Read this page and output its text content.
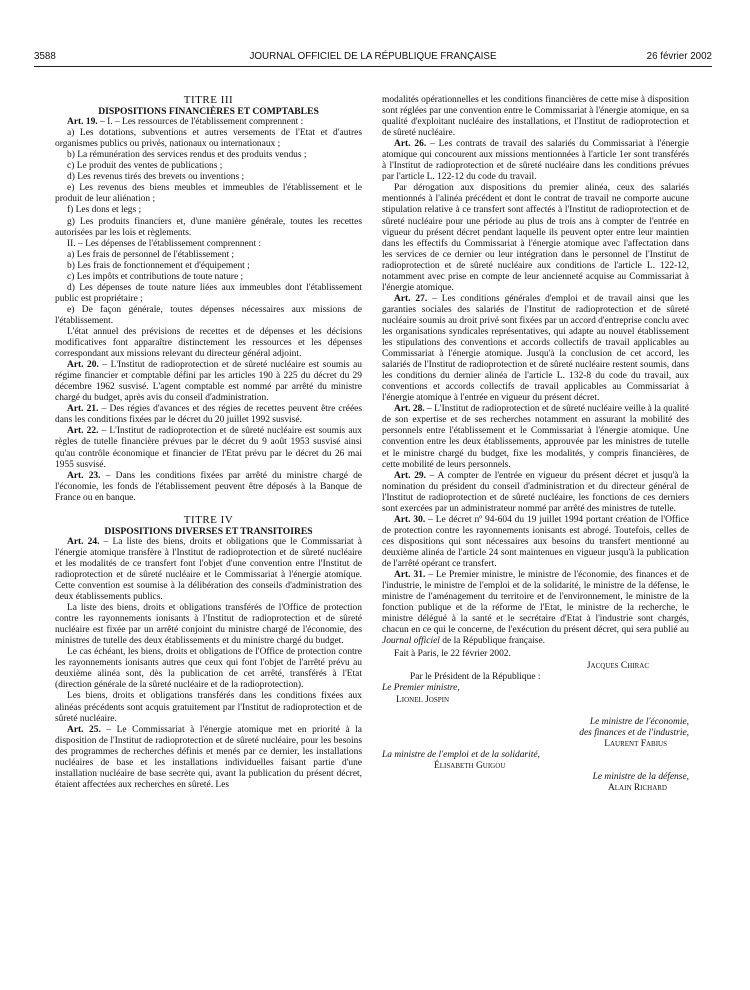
3588	JOURNAL OFFICIEL DE LA RÉPUBLIQUE FRANÇAISE	26 février 2002

TITRE III

DISPOSITIONS FINANCIÈRES ET COMPTABLES

Art. 19. – I. – Les ressources de l'établissement comprennent :

a) Les dotations, subventions et autres versements de l'Etat et d'autres organismes publics ou privés, nationaux ou internationaux ;

b) La rémunération des services rendus et des produits vendus ;

c) Le produit des ventes de publications ;

d) Les revenus tirés des brevets ou inventions ;

e) Les revenus des biens meubles et immeubles de l'établissement et le produit de leur aliénation ;

f) Les dons et legs ;

g) Les produits financiers et, d'une manière générale, toutes les recettes autorisées par les lois et règlements.

II. – Les dépenses de l'établissement comprennent :

a) Les frais de personnel de l'établissement ;

b) Les frais de fonctionnement et d'équipement ;

c) Les impôts et contributions de toute nature ;

d) Les dépenses de toute nature liées aux immeubles dont l'établissement public est propriétaire ;

e) De façon générale, toutes dépenses nécessaires aux missions de l'établissement.

L'état annuel des prévisions de recettes et de dépenses et les décisions modificatives font apparaître distinctement les ressources et les dépenses correspondant aux missions relevant du directeur général adjoint.

Art. 20. – L'Institut de radioprotection et de sûreté nucléaire est soumis au régime financier et comptable défini par les articles 190 à 225 du décret du 29 décembre 1962 susvisé. L'agent comptable est nommé par arrêté du ministre chargé du budget, après avis du conseil d'administration.

Art. 21. – Des régies d'avances et des régies de recettes peuvent être créées dans les conditions fixées par le décret du 20 juillet 1992 susvisé.

Art. 22. – L'Institut de radioprotection et de sûreté nucléaire est soumis aux règles de tutelle financière prévues par le décret du 9 août 1953 susvisé ainsi qu'au contrôle économique et financier de l'Etat prévu par le décret du 26 mai 1955 susvisé.

Art. 23. – Dans les conditions fixées par arrêté du ministre chargé de l'économie, les fonds de l'établissement peuvent être déposés à la Banque de France ou en banque.

TITRE IV

DISPOSITIONS DIVERSES ET TRANSITOIRES

Art. 24. – La liste des biens, droits et obligations que le Commissariat à l'énergie atomique transfère à l'Institut de radioprotection et de sûreté nucléaire et les modalités de ce transfert font l'objet d'une convention entre l'Institut de radioprotection et de sûreté nucléaire et le Commissariat à l'énergie atomique. Cette convention est soumise à la délibération des conseils d'administration des deux établissements publics.

La liste des biens, droits et obligations transférés de l'Office de protection contre les rayonnements ionisants à l'Institut de radioprotection et de sûreté nucléaire est fixée par un arrêté conjoint du ministre chargé de l'économie, des ministres de tutelle des deux établissements et du ministre chargé du budget.

Le cas échéant, les biens, droits et obligations de l'Office de protection contre les rayonnements ionisants autres que ceux qui font l'objet de l'arrêté prévu au deuxième alinéa sont, dès la publication de cet arrêté, transférés à l'Etat (direction générale de la sûreté nucléaire et de la radioprotection).

Les biens, droits et obligations transférés dans les conditions fixées aux alinéas précédents sont acquis gratuitement par l'Institut de radioprotection et de sûreté nucléaire.

Art. 25. – Le Commissariat à l'énergie atomique met en priorité à la disposition de l'Institut de radioprotection et de sûreté nucléaire, pour les besoins des programmes de recherches définis et menés par ce dernier, les installations nucléaires de base et les installations individuelles faisant partie d'une installation nucléaire de base secrète qui, avant la publication du présent décret, étaient affectées aux recherches en sûreté. Les

modalités opérationnelles et les conditions financières de cette mise à disposition sont réglées par une convention entre le Commissariat à l'énergie atomique, en sa qualité d'exploitant nucléaire des installations, et l'Institut de radioprotection et de sûreté nucléaire.

Art. 26. – Les contrats de travail des salariés du Commissariat à l'énergie atomique qui concourent aux missions mentionnées à l'article 1er sont transférés à l'Institut de radioprotection et de sûreté nucléaire dans les conditions prévues par l'article L. 122-12 du code du travail.

Par dérogation aux dispositions du premier alinéa, ceux des salariés mentionnés à l'alinéa précédent et dont le contrat de travail ne comporte aucune stipulation relative à ce transfert sont affectés à l'Institut de radioprotection et de sûreté nucléaire pour une période au plus de trois ans à compter de l'entrée en vigueur du présent décret pendant laquelle ils peuvent opter entre leur maintien dans les effectifs du Commissariat à l'énergie atomique avec l'affectation dans les services de ce dernier ou leur intégration dans le personnel de l'Institut de radioprotection et de sûreté nucléaire aux conditions de l'article L. 122-12, notamment avec prise en compte de leur ancienneté acquise au Commissariat à l'énergie atomique.

Art. 27. – Les conditions générales d'emploi et de travail ainsi que les garanties sociales des salariés de l'Institut de radioprotection et de sûreté nucléaire soumis au droit privé sont fixées par un accord d'entreprise conclu avec les organisations syndicales représentatives, qui adapte au nouvel établissement les stipulations des conventions et accords collectifs de travail applicables au Commissariat à l'énergie atomique. Jusqu'à la conclusion de cet accord, les salariés de l'Institut de radioprotection et de sûreté nucléaire restent soumis, dans les conditions du dernier alinéa de l'article L. 132-8 du code du travail, aux conventions et accords collectifs de travail applicables au Commissariat à l'énergie atomique à l'entrée en vigueur du présent décret.

Art. 28. – L'Institut de radioprotection et de sûreté nucléaire veille à la qualité de son expertise et de ses recherches notamment en assurant la mobilité des personnels entre l'établissement et le Commissariat à l'énergie atomique. Une convention entre les deux établissements, approuvée par les ministres de tutelle et le ministre chargé du budget, fixe les modalités, y compris financières, de cette mobilité de leurs personnels.

Art. 29. – A compter de l'entrée en vigueur du présent décret et jusqu'à la nomination du président du conseil d'administration et du directeur général de l'Institut de radioprotection et de sûreté nucléaire, les fonctions de ces derniers sont exercées par un administrateur nommé par arrêté des ministres de tutelle.

Art. 30. – Le décret nº 94-604 du 19 juillet 1994 portant création de l'Office de protection contre les rayonnements ionisants est abrogé. Toutefois, celles de ces dispositions qui sont nécessaires aux besoins du transfert mentionné au deuxième alinéa de l'article 24 sont maintenues en vigueur jusqu'à la publication de l'arrêté opérant ce transfert.

Art. 31. – Le Premier ministre, le ministre de l'économie, des finances et de l'industrie, le ministre de l'emploi et de la solidarité, le ministre de la défense, le ministre de l'aménagement du territoire et de l'environnement, le ministre de la fonction publique et de la réforme de l'Etat, le ministre de la recherche, le ministre délégué à la santé et le secrétaire d'Etat à l'industrie sont chargés, chacun en ce qui le concerne, de l'exécution du présent décret, qui sera publié au Journal officiel de la République française.

Fait à Paris, le 22 février 2002.

Jacques Chirac

Par le Président de la République :

Le Premier ministre,

Lionel Jospin

Le ministre de l'économie,

des finances et de l'industrie,

Laurent Fabius

La ministre de l'emploi et de la solidarité,

Élisabeth Guigou

Le ministre de la défense,

Alain Richard
